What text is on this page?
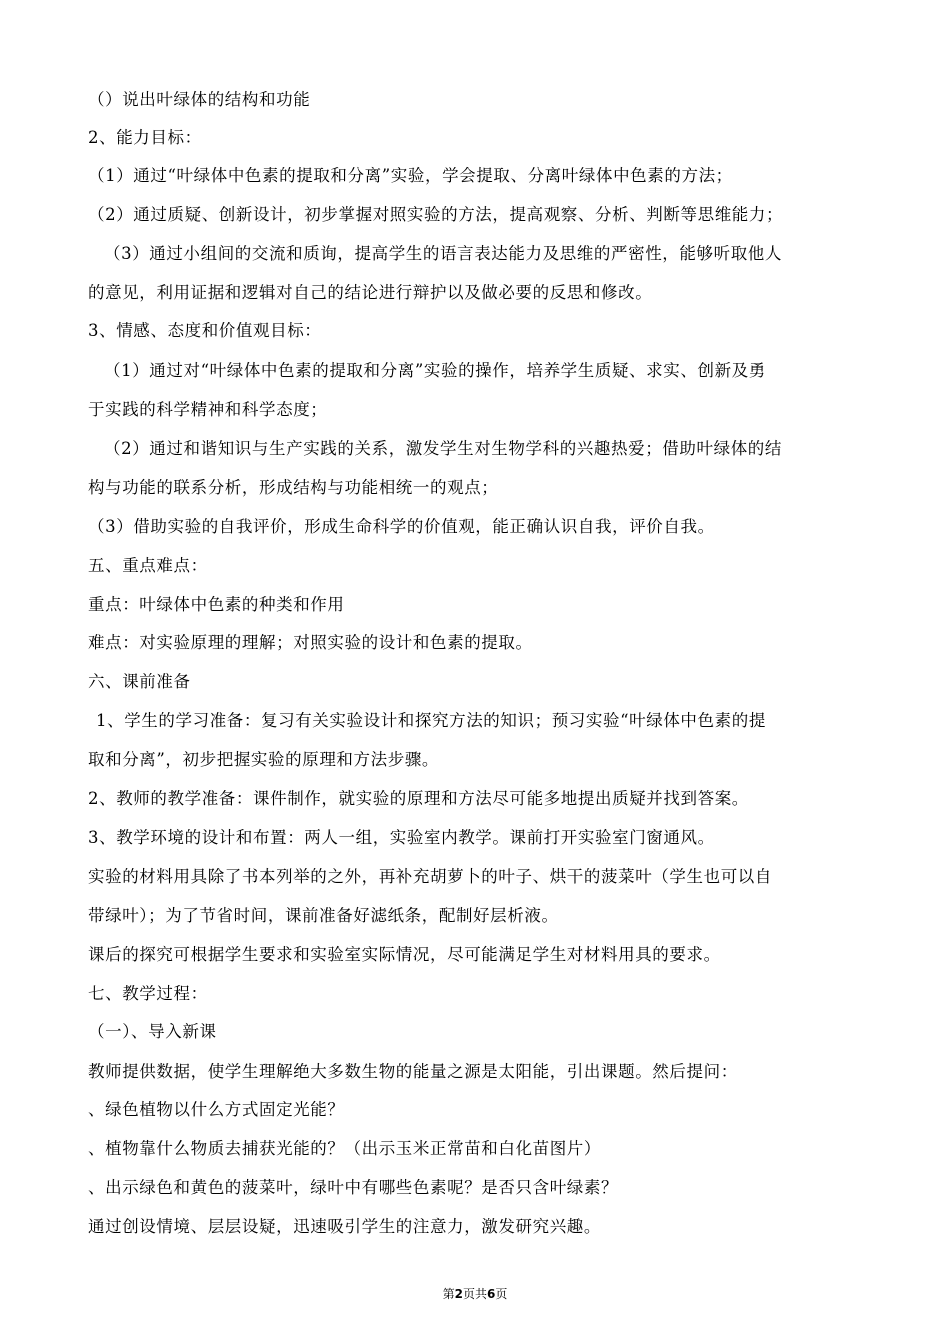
（）说出叶绿体的结构和功能
2、能力目标：
（1）通过“叶绿体中色素的提取和分离”实验，学会提取、分离叶绿体中色素的方法；
（2）通过质疑、创新设计，初步掌握对照实验的方法，提高观察、分析、判断等思维能力；
（3）通过小组间的交流和质询，提高学生的语言表达能力及思维的严密性，能够听取他人
的意见，利用证据和逻辑对自己的结论进行辩护以及做必要的反思和修改。
3、情感、态度和价值观目标：
（1）通过对“叶绿体中色素的提取和分离”实验的操作，培养学生质疑、求实、创新及勇
于实践的科学精神和科学态度；
（2）通过和谐知识与生产实践的关系，激发学生对生物学科的兴趣热爱；借助叶绿体的结
构与功能的联系分析，形成结构与功能相统一的观点；
（3）借助实验的自我评价，形成生命科学的价值观，能正确认识自我，评价自我。
五、重点难点：
重点：叶绿体中色素的种类和作用
难点：对实验原理的理解；对照实验的设计和色素的提取。
六、课前准备
1、学生的学习准备：复习有关实验设计和探究方法的知识；预习实验“叶绿体中色素的提
取和分离”，初步把握实验的原理和方法步骤。
2、教师的教学准备：课件制作，就实验的原理和方法尽可能多地提出质疑并找到答案。
3、教学环境的设计和布置：两人一组，实验室内教学。课前打开实验室门窗通风。
实验的材料用具除了书本列举的之外，再补充胡萝卜的叶子、烘干的菠菜叶（学生也可以自
带绿叶）；为了节省时间，课前准备好滤纸条，配制好层析液。
课后的探究可根据学生要求和实验室实际情况，尽可能满足学生对材料用具的要求。
七、教学过程：
（一）、导入新课
教师提供数据，使学生理解绝大多数生物的能量之源是太阳能，引出课题。然后提问：
、绿色植物以什么方式固定光能？
、植物靠什么物质去捕获光能的？（出示玉米正常苗和白化苗图片）
、出示绿色和黄色的菠菜叶，绿叶中有哪些色素呢？是否只含叶绿素？
通过创设情境、层层设疑，迅速吸引学生的注意力，激发研究兴趣。
第2页共6页
